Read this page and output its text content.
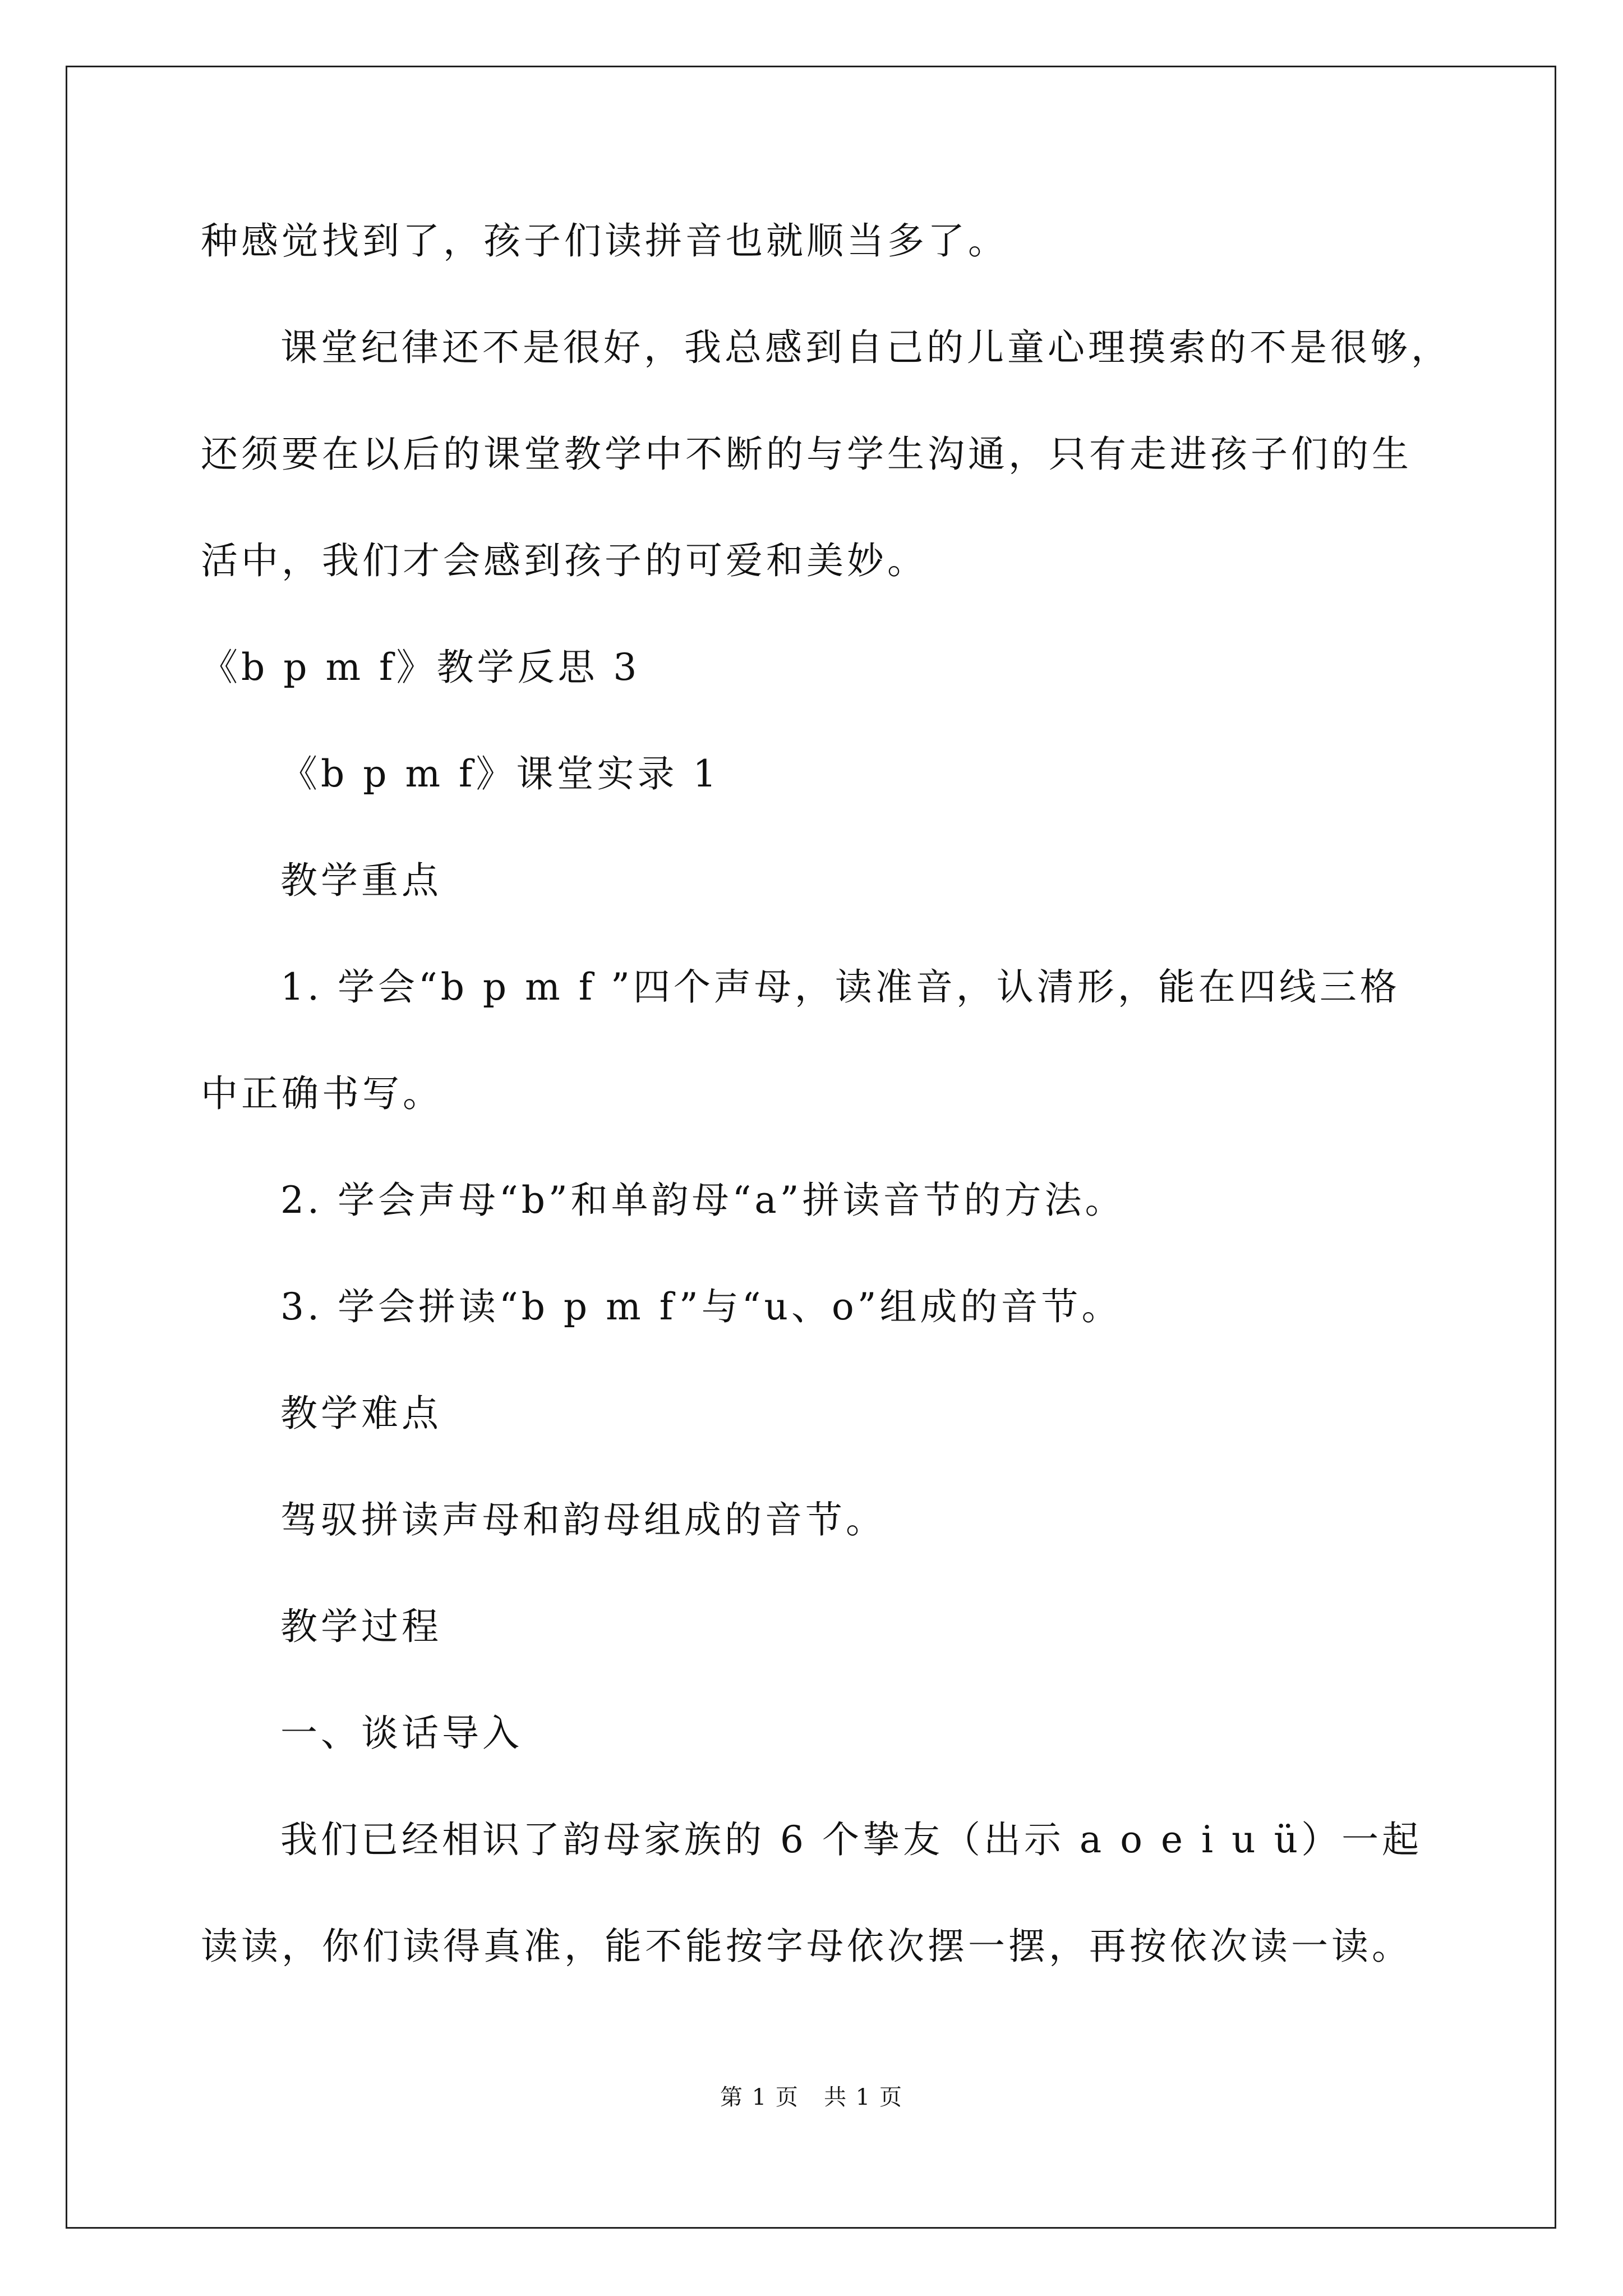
种感觉找到了，孩子们读拼音也就顺当多了。
课堂纪律还不是很好，我总感到自己的儿童心理摸索的不是很够，
还须要在以后的课堂教学中不断的与学生沟通，只有走进孩子们的生
活中，我们才会感到孩子的可爱和美妙。
《b p m f》教学反思 3
《b p m f》课堂实录 1
教学重点
1. 学会“b p m f ”四个声母，读准音，认清形，能在四线三格
中正确书写。
2. 学会声母“b”和单韵母“a”拼读音节的方法。
3. 学会拼读“b p m f”与“u、o”组成的音节。
教学难点
驾驭拼读声母和韵母组成的音节。
教学过程
一、谈话导入
我们已经相识了韵母家族的 6 个挚友（出示 a o e i u ü）一起
读读，你们读得真准，能不能按字母依次摆一摆，再按依次读一读。
第 1 页   共 1 页
